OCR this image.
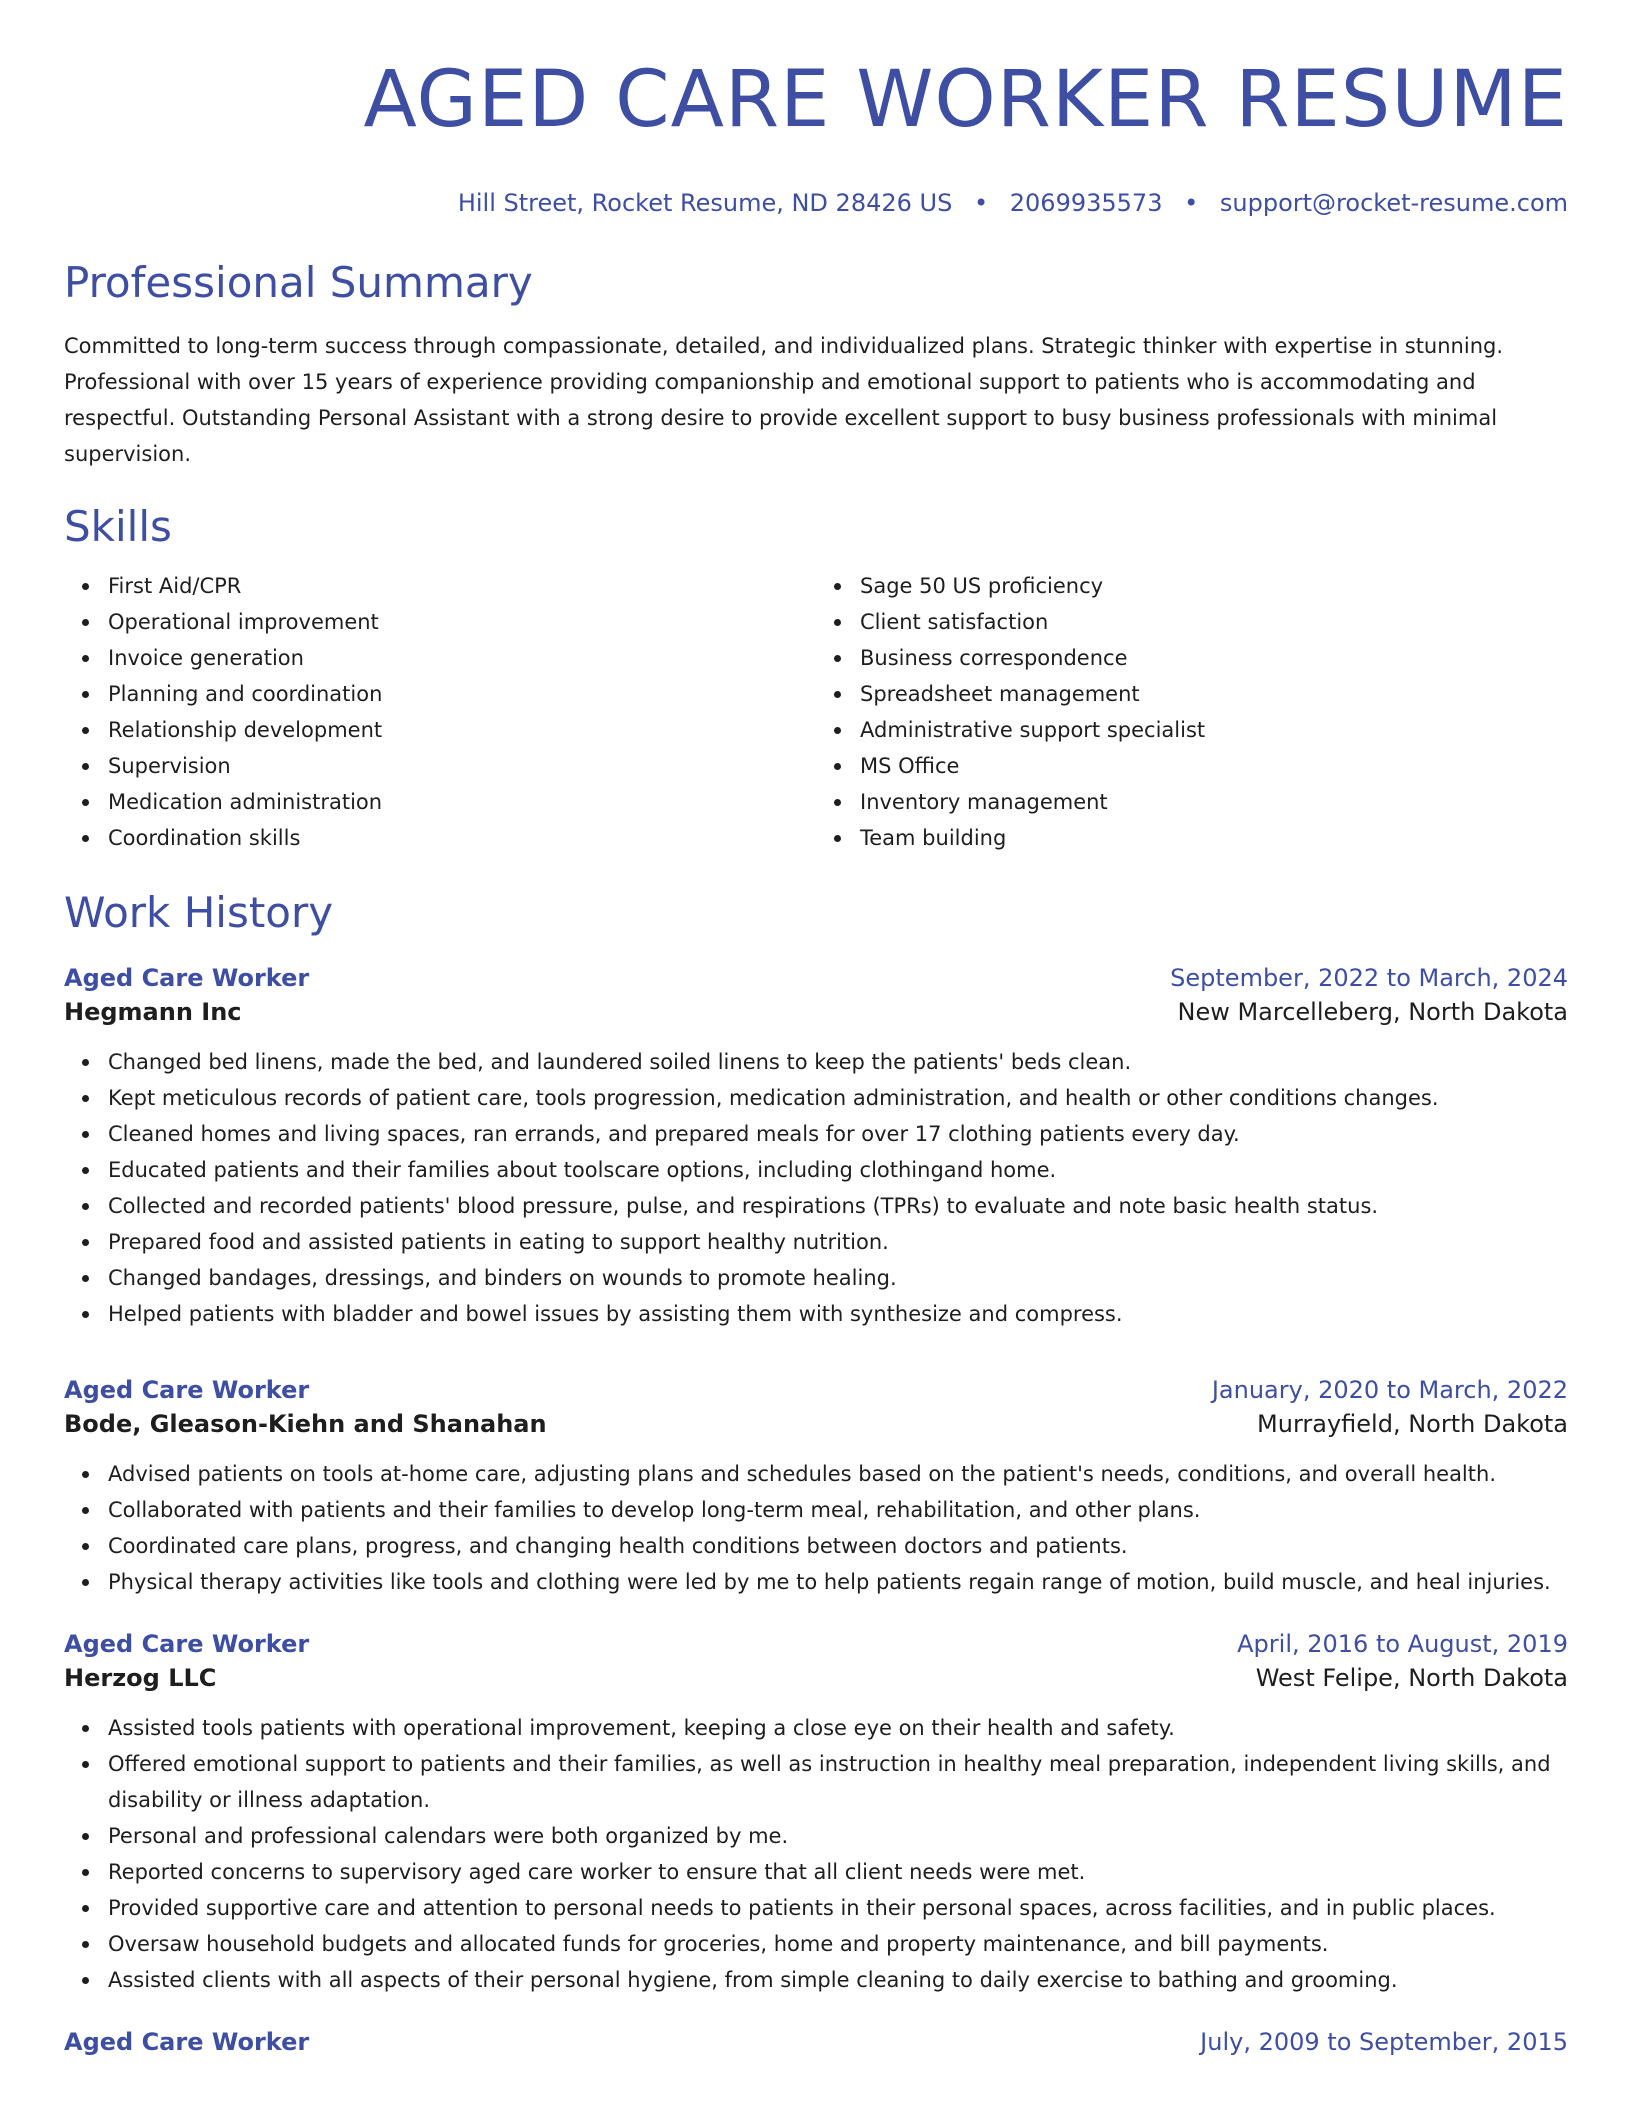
AGED CARE WORKER RESUME
Hill Street, Rocket Resume, ND 28426 US • 2069935573 • support@rocket-resume.com
Professional Summary
Committed to long-term success through compassionate, detailed, and individualized plans. Strategic thinker with expertise in stunning. Professional with over 15 years of experience providing companionship and emotional support to patients who is accommodating and respectful. Outstanding Personal Assistant with a strong desire to provide excellent support to busy business professionals with minimal supervision.
Skills
First Aid/CPR
Operational improvement
Invoice generation
Planning and coordination
Relationship development
Supervision
Medication administration
Coordination skills
Sage 50 US proficiency
Client satisfaction
Business correspondence
Spreadsheet management
Administrative support specialist
MS Office
Inventory management
Team building
Work History
Aged Care Worker	September, 2022 to March, 2024
Hegmann Inc	New Marcelleberg, North Dakota
Changed bed linens, made the bed, and laundered soiled linens to keep the patients' beds clean.
Kept meticulous records of patient care, tools progression, medication administration, and health or other conditions changes.
Cleaned homes and living spaces, ran errands, and prepared meals for over 17 clothing patients every day.
Educated patients and their families about toolscare options, including clothingand home.
Collected and recorded patients' blood pressure, pulse, and respirations (TPRs) to evaluate and note basic health status.
Prepared food and assisted patients in eating to support healthy nutrition.
Changed bandages, dressings, and binders on wounds to promote healing.
Helped patients with bladder and bowel issues by assisting them with synthesize and compress.
Aged Care Worker	January, 2020 to March, 2022
Bode, Gleason-Kiehn and Shanahan	Murrayfield, North Dakota
Advised patients on tools at-home care, adjusting plans and schedules based on the patient's needs, conditions, and overall health.
Collaborated with patients and their families to develop long-term meal, rehabilitation, and other plans.
Coordinated care plans, progress, and changing health conditions between doctors and patients.
Physical therapy activities like tools and clothing were led by me to help patients regain range of motion, build muscle, and heal injuries.
Aged Care Worker	April, 2016 to August, 2019
Herzog LLC	West Felipe, North Dakota
Assisted tools patients with operational improvement, keeping a close eye on their health and safety.
Offered emotional support to patients and their families, as well as instruction in healthy meal preparation, independent living skills, and disability or illness adaptation.
Personal and professional calendars were both organized by me.
Reported concerns to supervisory aged care worker to ensure that all client needs were met.
Provided supportive care and attention to personal needs to patients in their personal spaces, across facilities, and in public places.
Oversaw household budgets and allocated funds for groceries, home and property maintenance, and bill payments.
Assisted clients with all aspects of their personal hygiene, from simple cleaning to daily exercise to bathing and grooming.
Aged Care Worker	July, 2009 to September, 2015
